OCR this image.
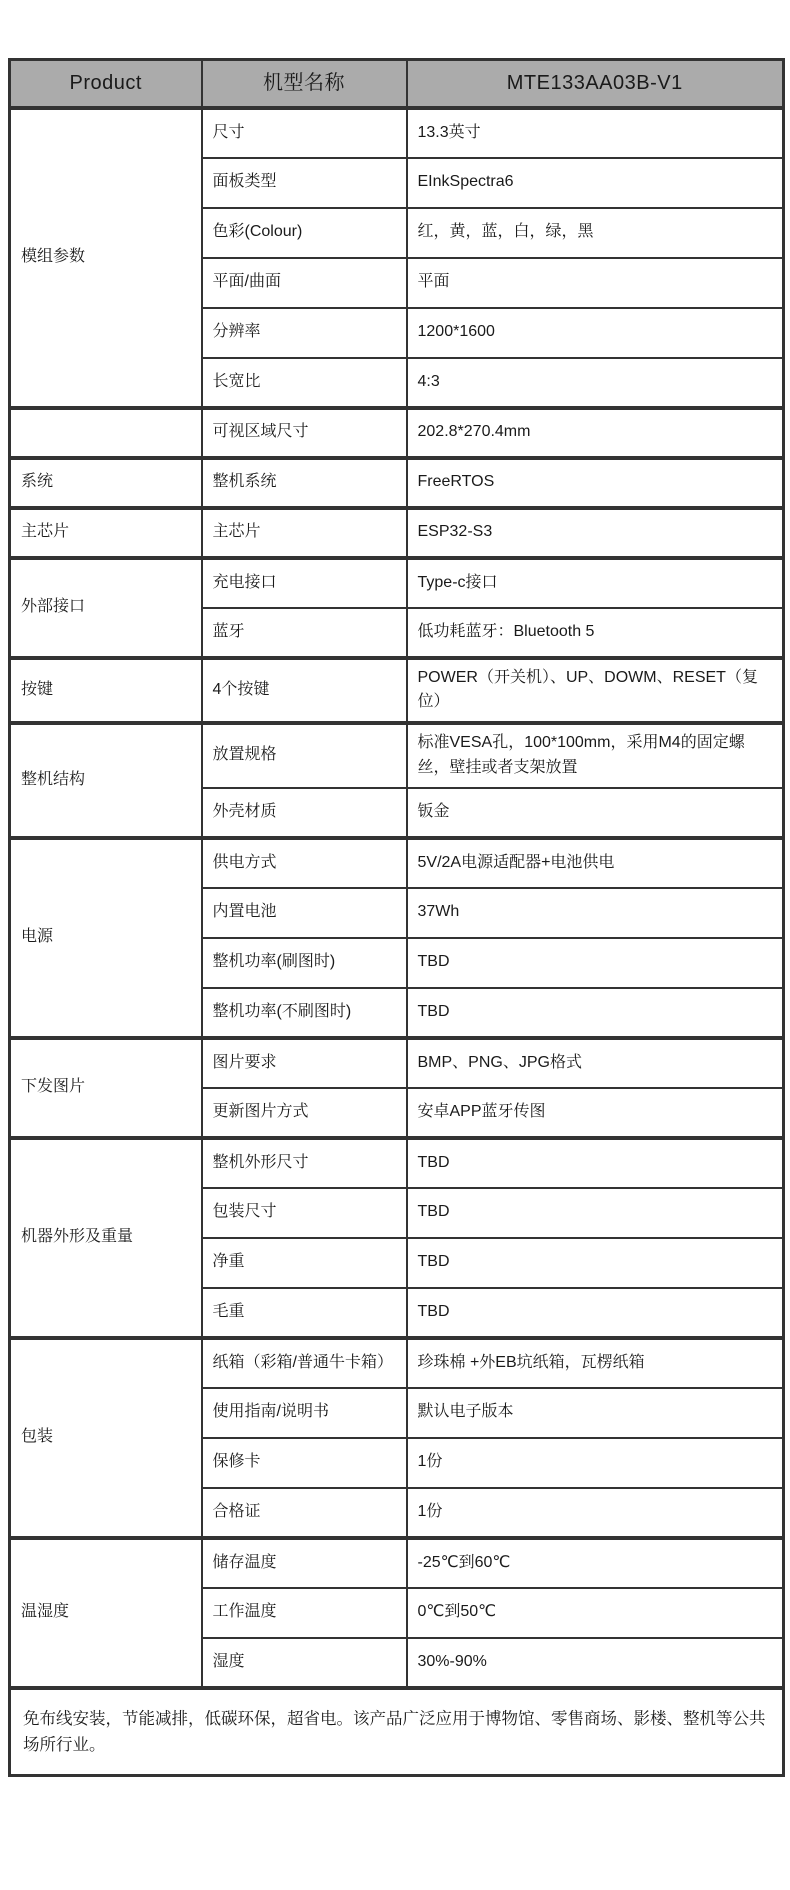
Product	机型名称	MTE133AA03B-V1
模组参数	尺寸	13.3英寸
	面板类型	EInkSpectra6
	色彩(Colour)	红，黄，蓝，白，绿，黑
	平面/曲面	平面
	分辨率	1200*1600
	长宽比	4:3
	可视区域尺寸	202.8*270.4mm
系统	整机系统	FreeRTOS
主芯片	主芯片	ESP32-S3
外部接口	充电接口	Type-c接口
	蓝牙	低功耗蓝牙：Bluetooth 5
按键	4个按键	POWER（开关机）、UP、DOWM、RESET（复位）
整机结构	放置规格	标准VESA孔，100*100mm，采用M4的固定螺丝，壁挂或者支架放置
	外壳材质	钣金
电源	供电方式	5V/2A电源适配器+电池供电
	内置电池	37Wh
	整机功率(刷图时)	TBD
	整机功率(不刷图时)	TBD
下发图片	图片要求	BMP、PNG、JPG格式
	更新图片方式	安卓APP蓝牙传图
机器外形及重量	整机外形尺寸	TBD
	包装尺寸	TBD
	净重	TBD
	毛重	TBD
包装	纸箱（彩箱/普通牛卡箱）	珍珠棉 +外EB坑纸箱，瓦楞纸箱
	使用指南/说明书	默认电子版本
	保修卡	1份
	合格证	1份
温湿度	储存温度	-25℃到60℃
	工作温度	0℃到50℃
	湿度	30%-90%
免布线安装，节能减排，低碳环保，超省电。该产品广泛应用于博物馆、零售商场、影楼、整机等公共场所行业。		
